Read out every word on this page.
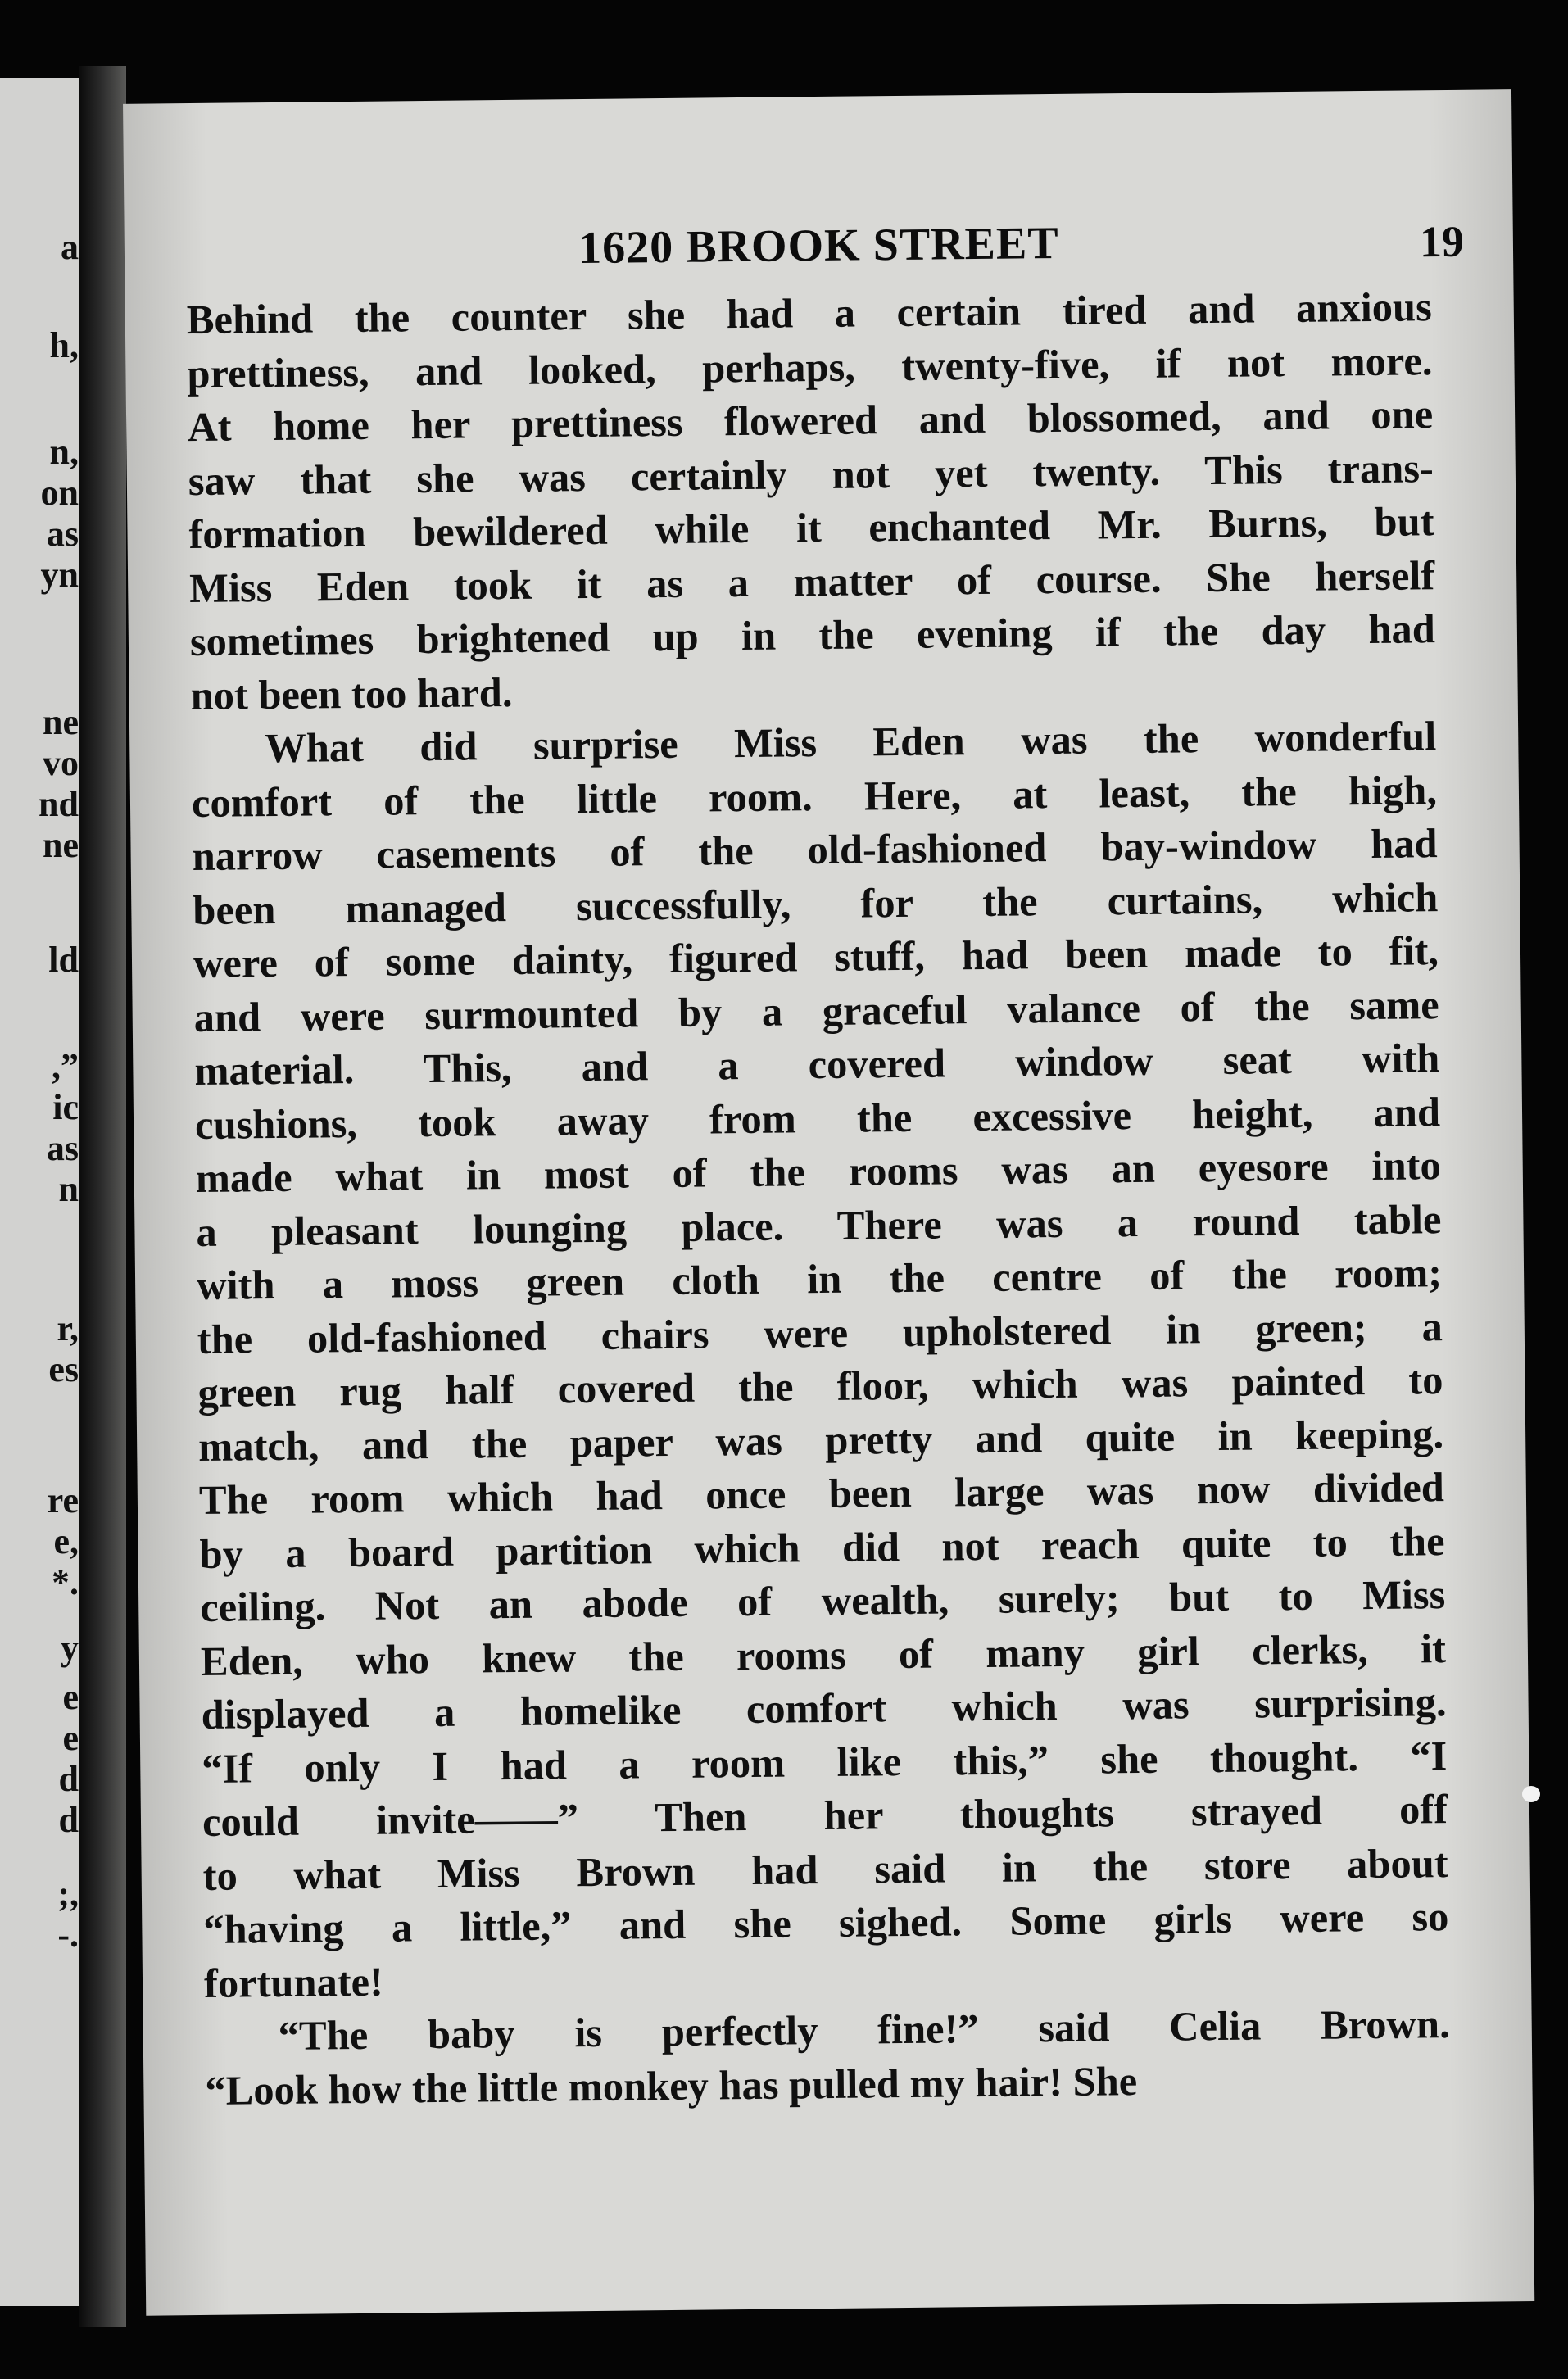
a
h,
n,
on
as
yn
ne
vo
nd
ne
ld
,”
ic
as
n
r,
es
re
e,
*.
y
e
e
d
d
;,
-.
1620 BROOK STREET	19
Behind the counter she had a certain tired and anxious
prettiness, and looked, perhaps, twenty-five, if not more.
At home her prettiness flowered and blossomed, and one
saw that she was certainly not yet twenty. This trans-
formation bewildered while it enchanted Mr. Burns, but
Miss Eden took it as a matter of course. She herself
sometimes brightened up in the evening if the day had
not been too hard.
What did surprise Miss Eden was the wonderful
comfort of the little room. Here, at least, the high,
narrow casements of the old-fashioned bay-window had
been managed successfully, for the curtains, which
were of some dainty, figured stuff, had been made to fit,
and were surmounted by a graceful valance of the same
material. This, and a covered window seat with
cushions, took away from the excessive height, and
made what in most of the rooms was an eyesore into
a pleasant lounging place. There was a round table
with a moss green cloth in the centre of the room;
the old-fashioned chairs were upholstered in green; a
green rug half covered the floor, which was painted to
match, and the paper was pretty and quite in keeping.
The room which had once been large was now divided
by a board partition which did not reach quite to the
ceiling. Not an abode of wealth, surely; but to Miss
Eden, who knew the rooms of many girl clerks, it
displayed a homelike comfort which was surprising.
“If only I had a room like this,” she thought. “I
could invite——” Then her thoughts strayed off
to what Miss Brown had said in the store about
“having a little,” and she sighed. Some girls were so
fortunate!
“The baby is perfectly fine!” said Celia Brown.
“Look how the little monkey has pulled my hair! She
